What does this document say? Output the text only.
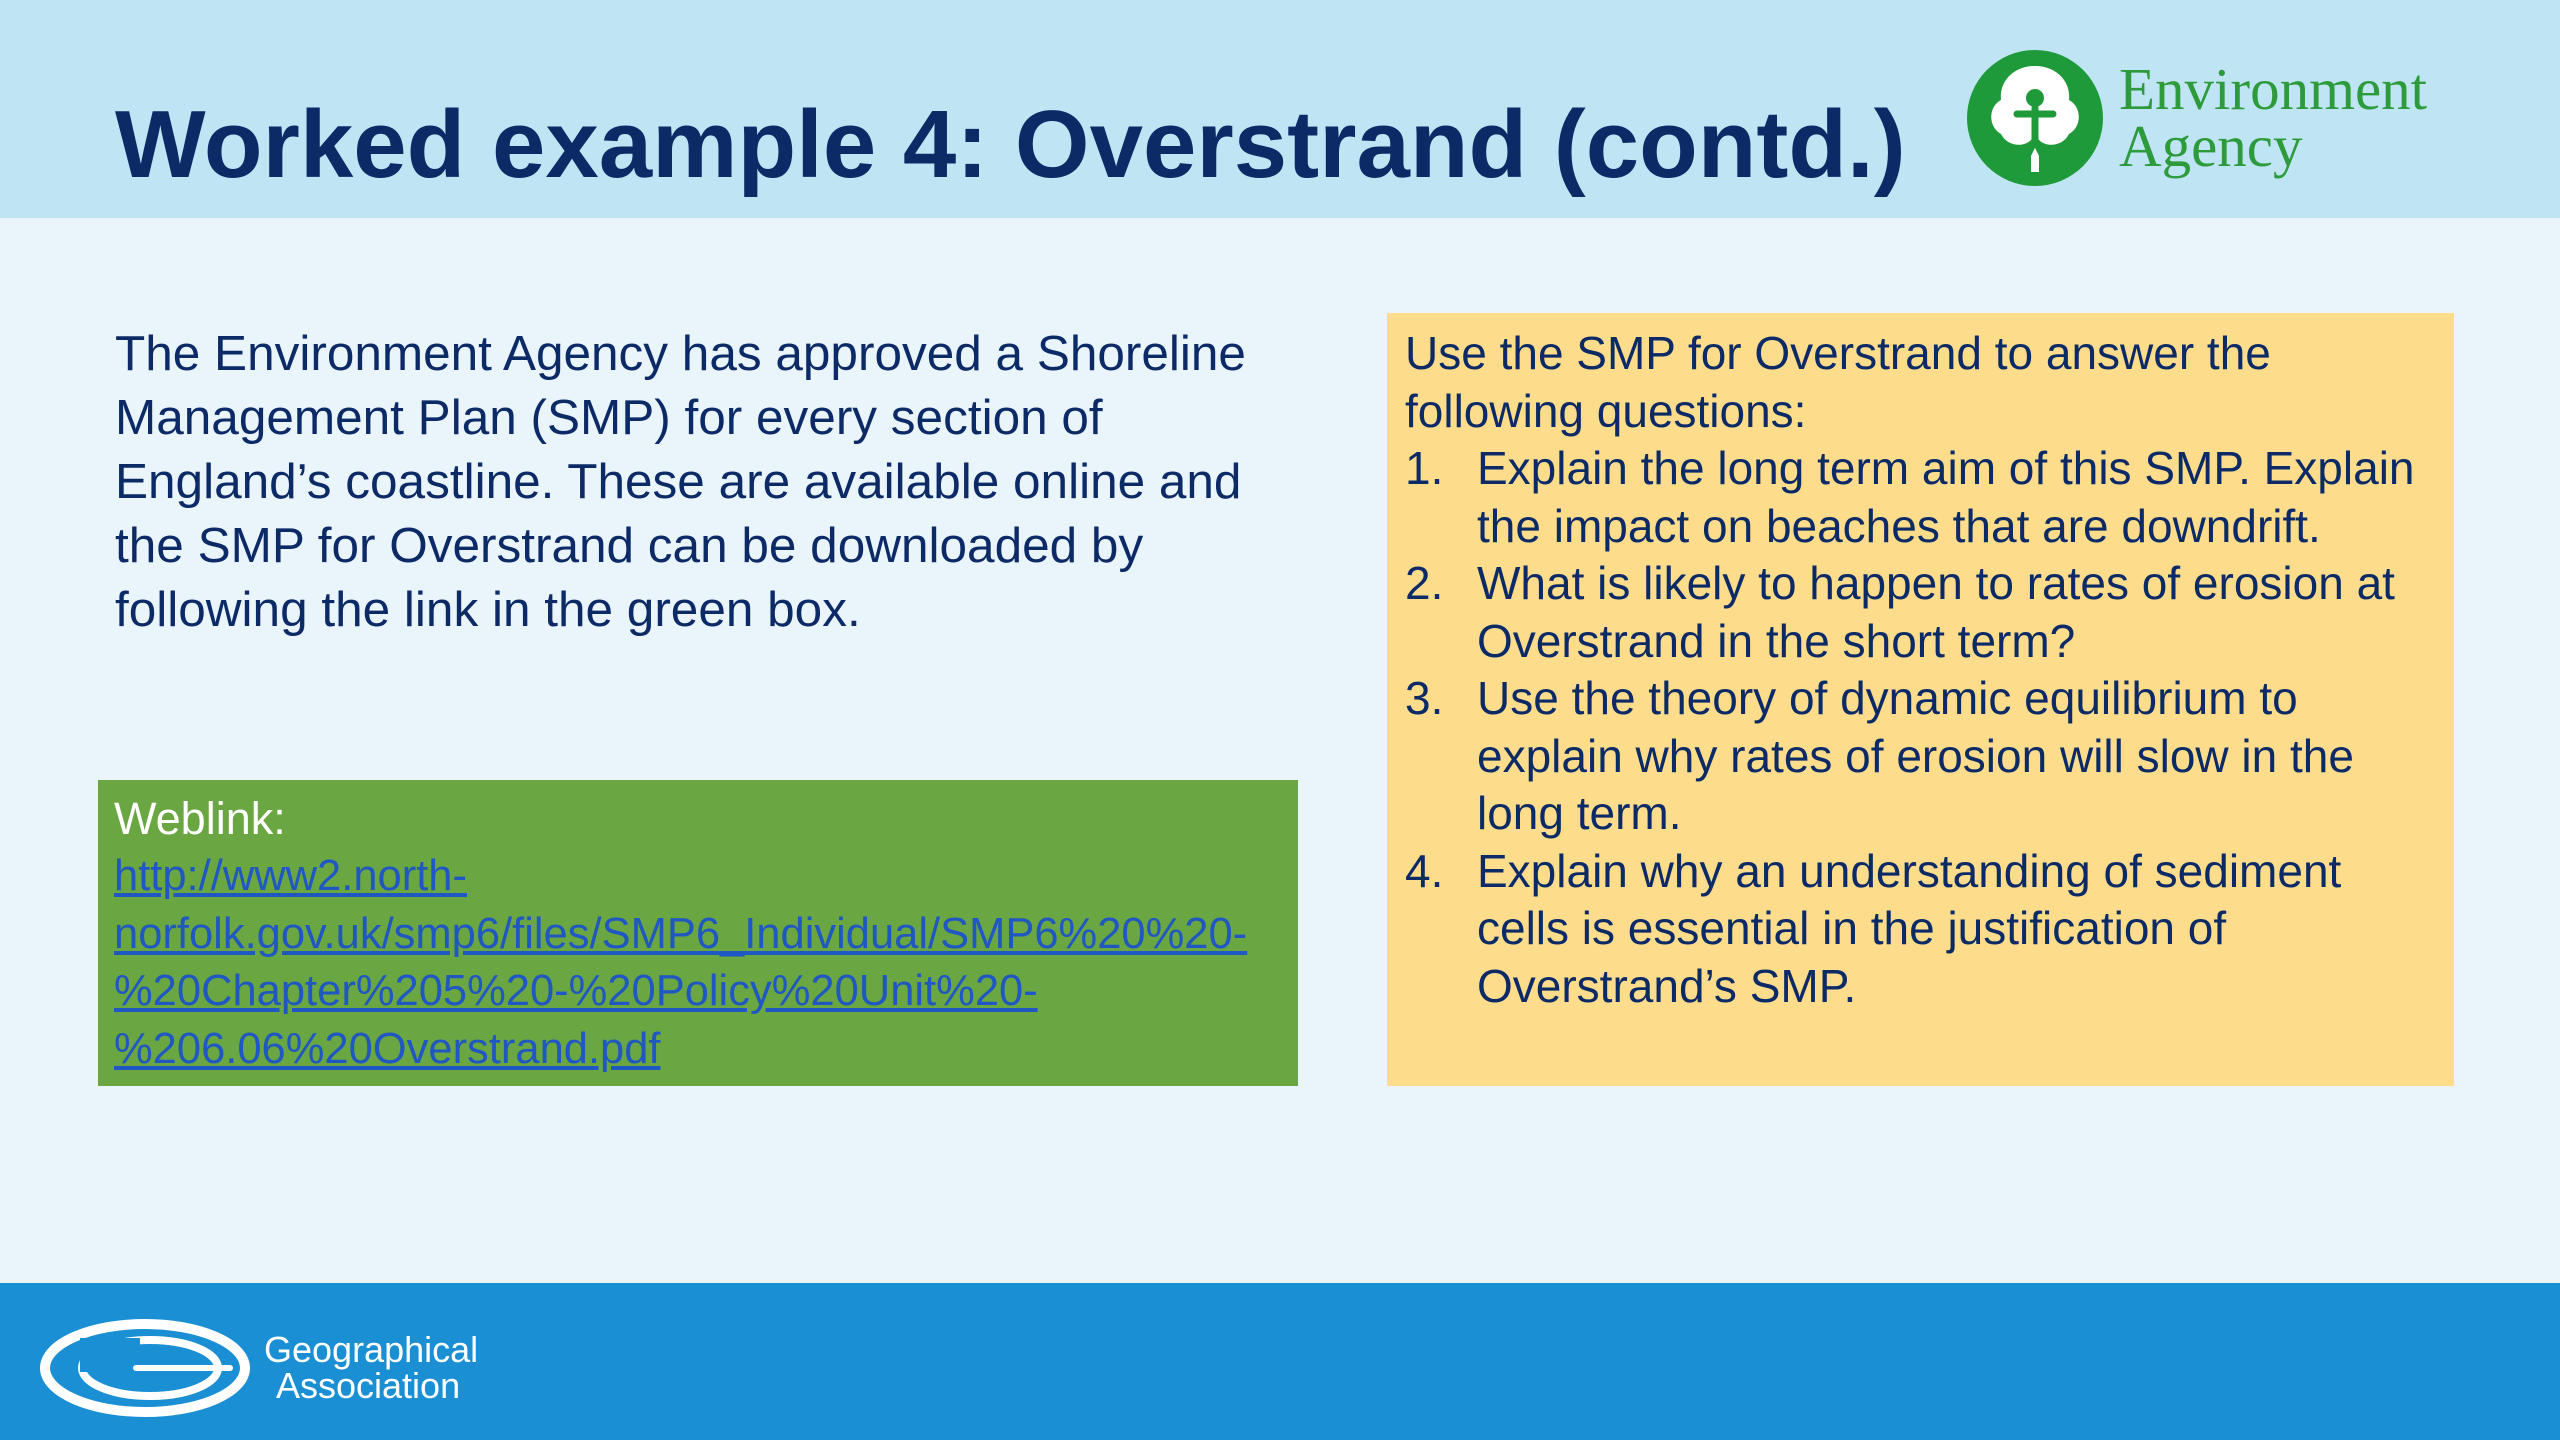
Worked example 4: Overstrand (contd.)
Environment
Agency

The Environment Agency has approved a Shoreline Management Plan (SMP) for every section of England’s coastline. These are available online and the SMP for Overstrand can be downloaded by following the link in the green box.

Weblink:
http://www2.north-
norfolk.gov.uk/smp6/files/SMP6_Individual/SMP6%20%20-
%20Chapter%205%20-%20Policy%20Unit%20-
%206.06%20Overstrand.pdf

Use the SMP for Overstrand to answer the following questions:

1. Explain the long term aim of this SMP. Explain the impact on beaches that are downdrift.
2. What is likely to happen to rates of erosion at Overstrand in the short term?
3. Use the theory of dynamic equilibrium to explain why rates of erosion will slow in the long term.
4. Explain why an understanding of sediment cells is essential in the justification of Overstrand’s SMP.
Geographical
Association
